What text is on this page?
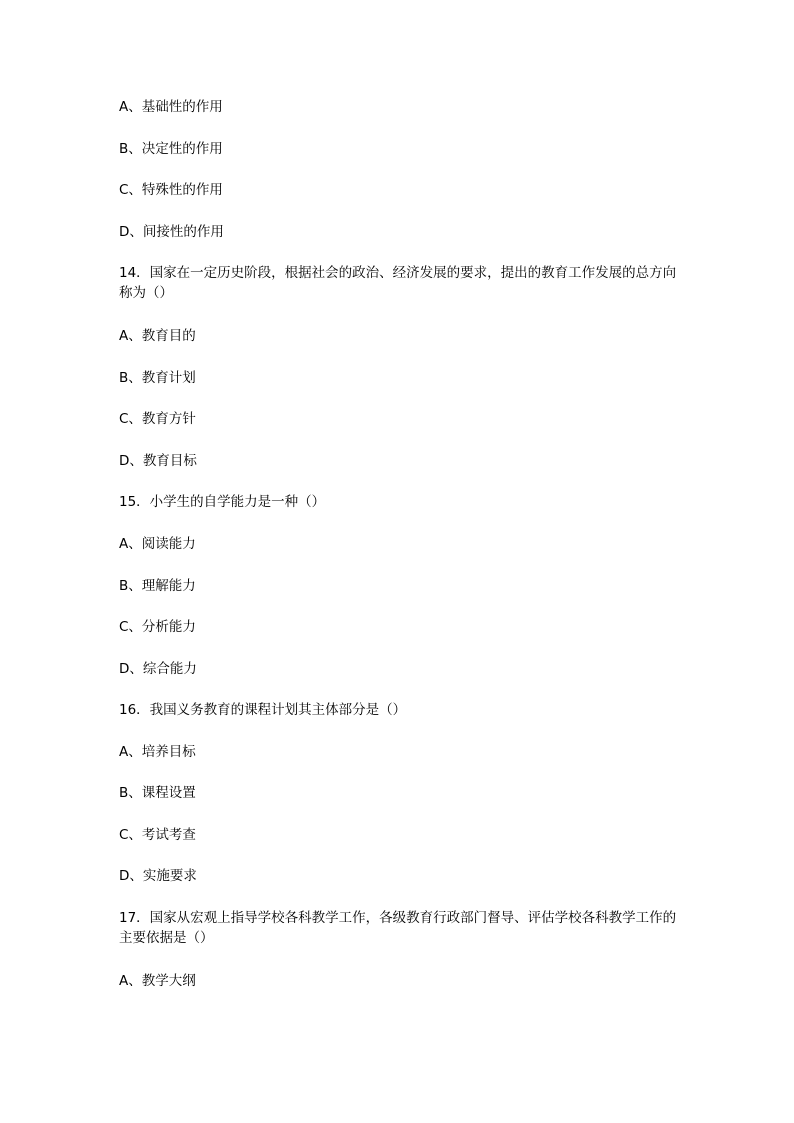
A、基础性的作用
B、决定性的作用
C、特殊性的作用
D、间接性的作用
14．国家在一定历史阶段，根据社会的政治、经济发展的要求，提出的教育工作发展的总方向称为（）
A、教育目的
B、教育计划
C、教育方针
D、教育目标
15．小学生的自学能力是一种（）
A、阅读能力
B、理解能力
C、分析能力
D、综合能力
16．我国义务教育的课程计划其主体部分是（）
A、培养目标
B、课程设置
C、考试考查
D、实施要求
17．国家从宏观上指导学校各科教学工作，各级教育行政部门督导、评估学校各科教学工作的主要依据是（）
A、教学大纲
